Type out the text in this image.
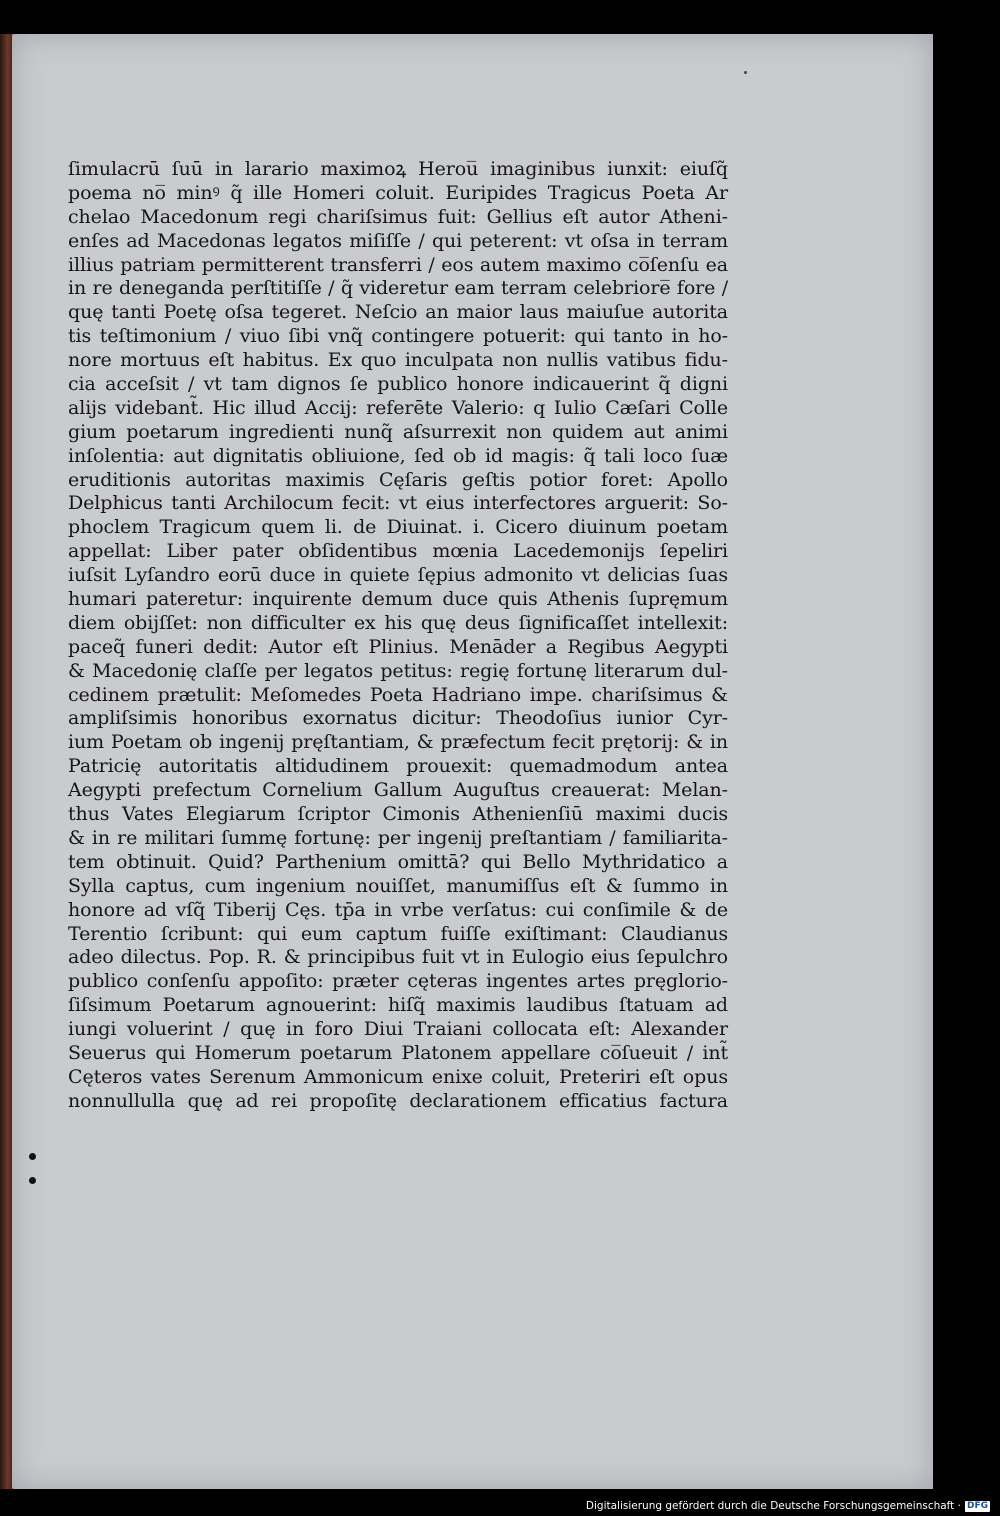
ſimulacrū ſuū in larario maximoꝝ Herou̅ imaginibus iunxit: eiuſq̃
poema no̅ minꝰ q̃ ille Homeri coluit. Euripides Tragicus Poeta Ar
chelao Macedonum regi chariſsimus fuit: Gellius eſt autor Atheni-
enſes ad Macedonas legatos miſiſſe / qui peterent: vt oſsa in terram
illius patriam permitterent transferri / eos autem maximo co̅ſenſu ea
in re deneganda perſtitiſſe / q̃ videretur eam terram celebriore̅ fore /
quę tanti Poetę oſsa tegeret. Neſcio an maior laus maiuſue autorita
tis teſtimonium / viuo ſibi vnq̃ contingere potuerit: qui tanto in ho-
nore mortuus eſt habitus. Ex quo inculpata non nullis vatibus fidu-
cia acceſsit / vt tam dignos ſe publico honore indicauerint q̃ digni
alijs videbant̃. Hic illud Accij: referēte Valerio: q Iulio Cæſari Colle
gium poetarum ingredienti nunq̃ aſsurrexit non quidem aut animi
inſolentia: aut dignitatis obliuione, ſed ob id magis: q̃ tali loco ſuæ
eruditionis autoritas maximis Cęſaris geſtis potior foret: Apollo
Delphicus tanti Archilocum fecit: vt eius interfectores arguerit: So-
phoclem Tragicum quem li. de Diuinat. i. Cicero diuinum poetam
appellat: Liber pater obſidentibus mœnia Lacedemonijs ſepeliri
iuſsit Lyſandro eorū duce in quiete ſępius admonito vt delicias ſuas
humari pateretur: inquirente demum duce quis Athenis ſupręmum
diem obijſſet: non difficulter ex his quę deus ſignificaſſet intellexit:
paceq̃ funeri dedit: Autor eſt Plinius. Menāder a Regibus Aegypti
& Macedonię claſſe per legatos petitus: regię fortunę literarum dul-
cedinem prætulit: Meſomedes Poeta Hadriano impe. chariſsimus &
ampliſsimis honoribus exornatus dicitur: Theodoſius iunior Cyr-
ium Poetam ob ingenij pręſtantiam, & præfectum fecit prętorij: & in
Patricię autoritatis altidudinem prouexit: quemadmodum antea
Aegypti prefectum Cornelium Gallum Auguſtus creauerat: Melan-
thus Vates Elegiarum ſcriptor Cimonis Athenienſiū maximi ducis
& in re militari ſummę fortunę: per ingenij preſtantiam / familiarita-
tem obtinuit. Quid? Parthenium omittā? qui Bello Mythridatico a
Sylla captus, cum ingenium nouiſſet, manumiſſus eſt & ſummo in
honore ad vſq̃ Tiberij Cęs. tp̄a in vrbe verſatus: cui conſimile & de
Terentio ſcribunt: qui eum captum fuiſſe exiſtimant: Claudianus
adeo dilectus. Pop. R. & principibus fuit vt in Eulogio eius ſepulchro
publico conſenſu appoſito: præter cęteras ingentes artes pręglorio-
ſiſsimum Poetarum agnouerint: hiſq̃ maximis laudibus ſtatuam ad
iungi voluerint / quę in foro Diui Traiani collocata eſt: Alexander
Seuerus qui Homerum poetarum Platonem appellare co̅ſueuit / int̃
Cęteros vates Serenum Ammonicum enixe coluit, Preteriri eſt opus
nonnullulla quę ad rei propoſitę declarationem efficatius factura
Digitalisierung gefördert durch die Deutsche Forschungsgemeinschaft · DFG
